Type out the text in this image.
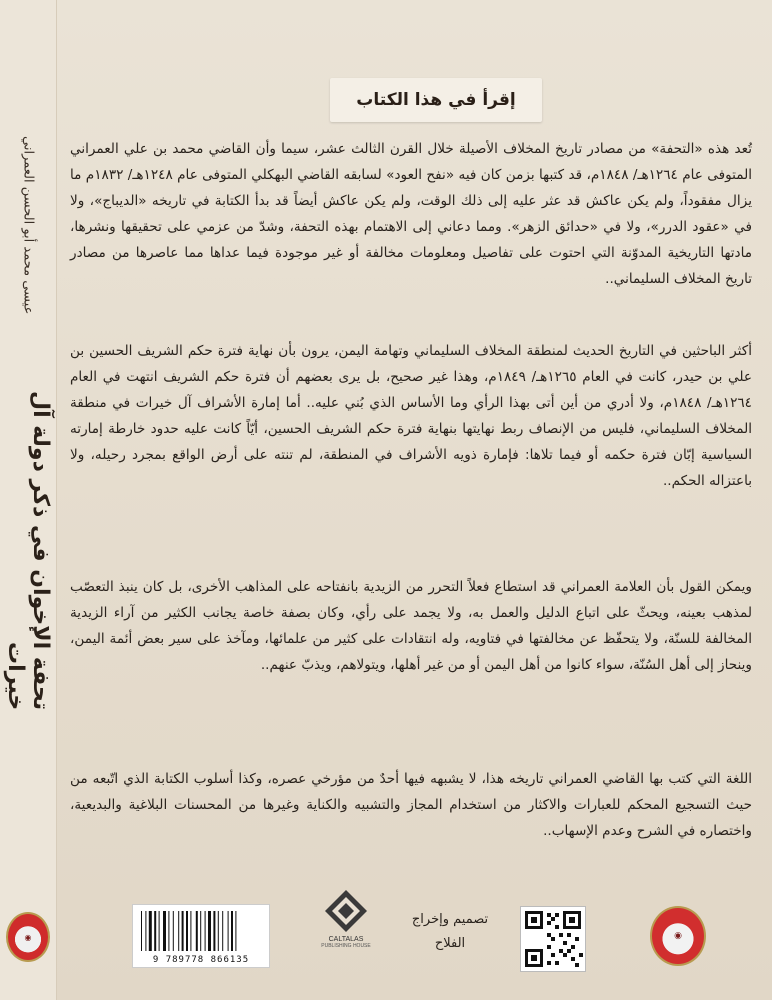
عيسى محمد أبو الحسن العمراني
تحفة الإخوان في ذكر دولة آل خيرات
◉
إقرأ في هذا الكتاب
تُعد هذه «التحفة» من مصادر تاريخ المخلاف الأصيلة خلال القرن الثالث عشر، سيما وأن القاضي محمد بن علي العمراني المتوفى عام ١٢٦٤هـ/ ١٨٤٨م، قد كتبها بزمن كان فيه «نفح العود» لسابقه القاضي البهكلي المتوفى عام ١٢٤٨هـ/ ١٨٣٢م ما يزال مفقوداً، ولم يكن عاكش قد عثر عليه إلى ذلك الوقت، ولم يكن عاكش أيضاً قد بدأ الكتابة في تاريخه «الديباج»، ولا في «عقود الدرر»، ولا في «حدائق الزهر». ومما دعاني إلى الاهتمام بهذه التحفة، وشدّ من عزمي على تحقيقها ونشرها، مادتها التاريخية المدوّنة التي احتوت على تفاصيل ومعلومات مخالفة أو غير موجودة فيما عداها مما عاصرها من مصادر تاريخ المخلاف السليماني..
أكثر الباحثين في التاريخ الحديث لمنطقة المخلاف السليماني وتهامة اليمن، يرون بأن نهاية فترة حكم الشريف الحسين بن علي بن حيدر، كانت في العام ١٢٦٥هـ/ ١٨٤٩م، وهذا غير صحيح، بل يرى بعضهم أن فترة حكم الشريف انتهت في العام ١٢٦٤هـ/ ١٨٤٨م، ولا أدري من أين أتى بهذا الرأي وما الأساس الذي بُني عليه.. أما إمارة الأشراف آل خيرات في منطقة المخلاف السليماني، فليس من الإنصاف ربط نهايتها بنهاية فترة حكم الشريف الحسين، أيّاً كانت عليه حدود خارطة إمارته السياسية إبّان فترة حكمه أو فيما تلاها: فإمارة ذويه الأشراف في المنطقة، لم تنته على أرض الواقع بمجرد رحيله، ولا باعتزاله الحكم..
ويمكن القول بأن العلامة العمراني قد استطاع فعلاً التحرر من الزيدية بانفتاحه على المذاهب الأخرى، بل كان ينبذ التعصّب لمذهب بعينه، ويحثّ على اتباع الدليل والعمل به، ولا يجمد على رأي، وكان بصفة خاصة يجانب الكثير من آراء الزيدية المخالفة للسنّة، ولا يتحفّظ عن مخالفتها في فتاويه، وله انتقادات على كثير من علمائها، ومآخذ على سير بعض أئمة اليمن، وينحاز إلى أهل السُنّة، سواء كانوا من أهل اليمن أو من غير أهلها، ويتولاهم، ويذبّ عنهم..
اللغة التي كتب بها القاضي العمراني تاريخه هذا، لا يشبهه فيها أحدٌ من مؤرخي عصره، وكذا أسلوب الكتابة الذي اتّبعه من حيث التسجيع المحكم للعبارات والاكثار من استخدام المجاز والتشبيه والكناية وغيرها من المحسنات البلاغية والبديعية، واختصاره في الشرح وعدم الإسهاب..
9 789778 866135
CALTALAS
PUBLISHING HOUSE
تصميم وإخراج
الفلاح	◉
